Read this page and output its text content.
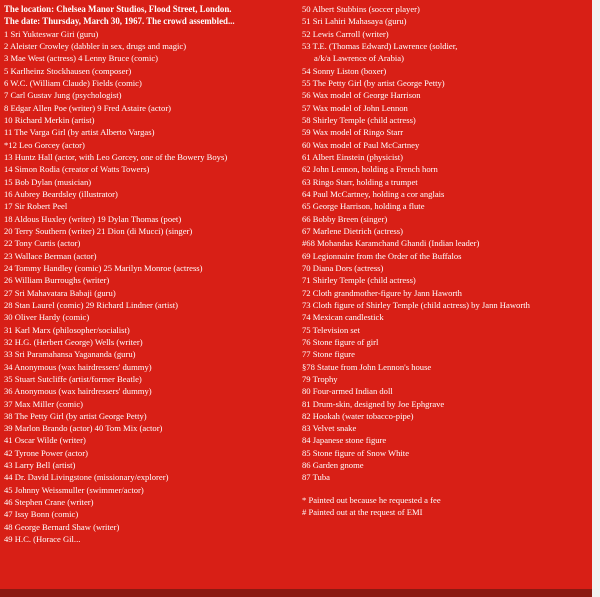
The location: Chelsea Manor Studios, Flood Street, London.
The date: Thursday, March 30, 1967. The crowd assembled...
1 Sri Yukteswar Giri (guru)
2 Aleister Crowley (dabbler in sex, drugs and magic)
3 Mae West (actress) 4 Lenny Bruce (comic)
5 Karlheinz Stockhausen (composer)
6 W.C. (William Claude) Fields (comic)
7 Carl Gustav Jung (psychologist)
8 Edgar Allen Poe (writer) 9 Fred Astaire (actor)
10 Richard Merkin (artist)
11 The Varga Girl (by artist Alberto Vargas)
*12 Leo Gorcey (actor)
13 Huntz Hall (actor, with Leo Gorcey, one of the Bowery Boys)
14 Simon Rodia (creator of Watts Towers)
15 Bob Dylan (musician)
16 Aubrey Beardsley (illustrator)
17 Sir Robert Peel
18 Aldous Huxley (writer) 19 Dylan Thomas (poet)
20 Terry Southern (writer) 21 Dion (di Mucci) (singer)
22 Tony Curtis (actor)
23 Wallace Berman (actor)
24 Tommy Handley (comic) 25 Marilyn Monroe (actress)
26 William Burroughs (writer)
27 Sri Mahavatara Babaji (guru)
28 Stan Laurel (comic) 29 Richard Lindner (artist)
30 Oliver Hardy (comic)
31 Karl Marx (philosopher/socialist)
32 H.G. (Herbert George) Wells (writer)
33 Sri Paramahansa Yagananda (guru)
34 Anonymous (wax hairdressers' dummy)
35 Stuart Sutcliffe (artist/former Beatle)
36 Anonymous (wax hairdressers' dummy)
37 Max Miller (comic)
38 The Petty Girl (by artist George Petty)
39 Marlon Brando (actor) 40 Tom Mix (actor)
41 Oscar Wilde (writer)
42 Tyrone Power (actor)
43 Larry Bell (artist)
44 Dr. David Livingstone (missionary/explorer)
45 Johnny Weissmuller (swimmer/actor)
46 Stephen Crane (writer)
47 Issy Bonn (comic)
48 George Bernard Shaw (writer)
49 H.C. (Horace Gil...
50 Albert Stubbins (soccer player)
51 Sri Lahiri Mahasaya (guru)
52 Lewis Carroll (writer)
53 T.E. (Thomas Edward) Lawrence (soldier,
a/k/a Lawrence of Arabia)
54 Sonny Liston (boxer)
55 The Petty Girl (by artist George Petty)
56 Wax model of George Harrison
57 Wax model of John Lennon
58 Shirley Temple (child actress)
59 Wax model of Ringo Starr
60 Wax model of Paul McCartney
61 Albert Einstein (physicist)
62 John Lennon, holding a French horn
63 Ringo Starr, holding a trumpet
64 Paul McCartney, holding a cor anglais
65 George Harrison, holding a flute
66 Bobby Breen (singer)
67 Marlene Dietrich (actress)
#68 Mohandas Karamchand Ghandi (Indian leader)
69 Legionnaire from the Order of the Buffalos
70 Diana Dors (actress)
71 Shirley Temple (child actress)
72 Cloth grandmother-figure by Jann Haworth
73 Cloth figure of Shirley Temple (child actress) by Jann Haworth
74 Mexican candlestick
75 Television set
76 Stone figure of girl
77 Stone figure
§78 Statue from John Lennon's house
79 Trophy
80 Four-armed Indian doll
81 Drum-skin, designed by Joe Ephgrave
82 Hookah (water tobacco-pipe)
83 Velvet snake
84 Japanese stone figure
85 Stone figure of Snow White
86 Garden gnome
87 Tuba
* Painted out because he requested a fee
# Painted out at the request of EMI
